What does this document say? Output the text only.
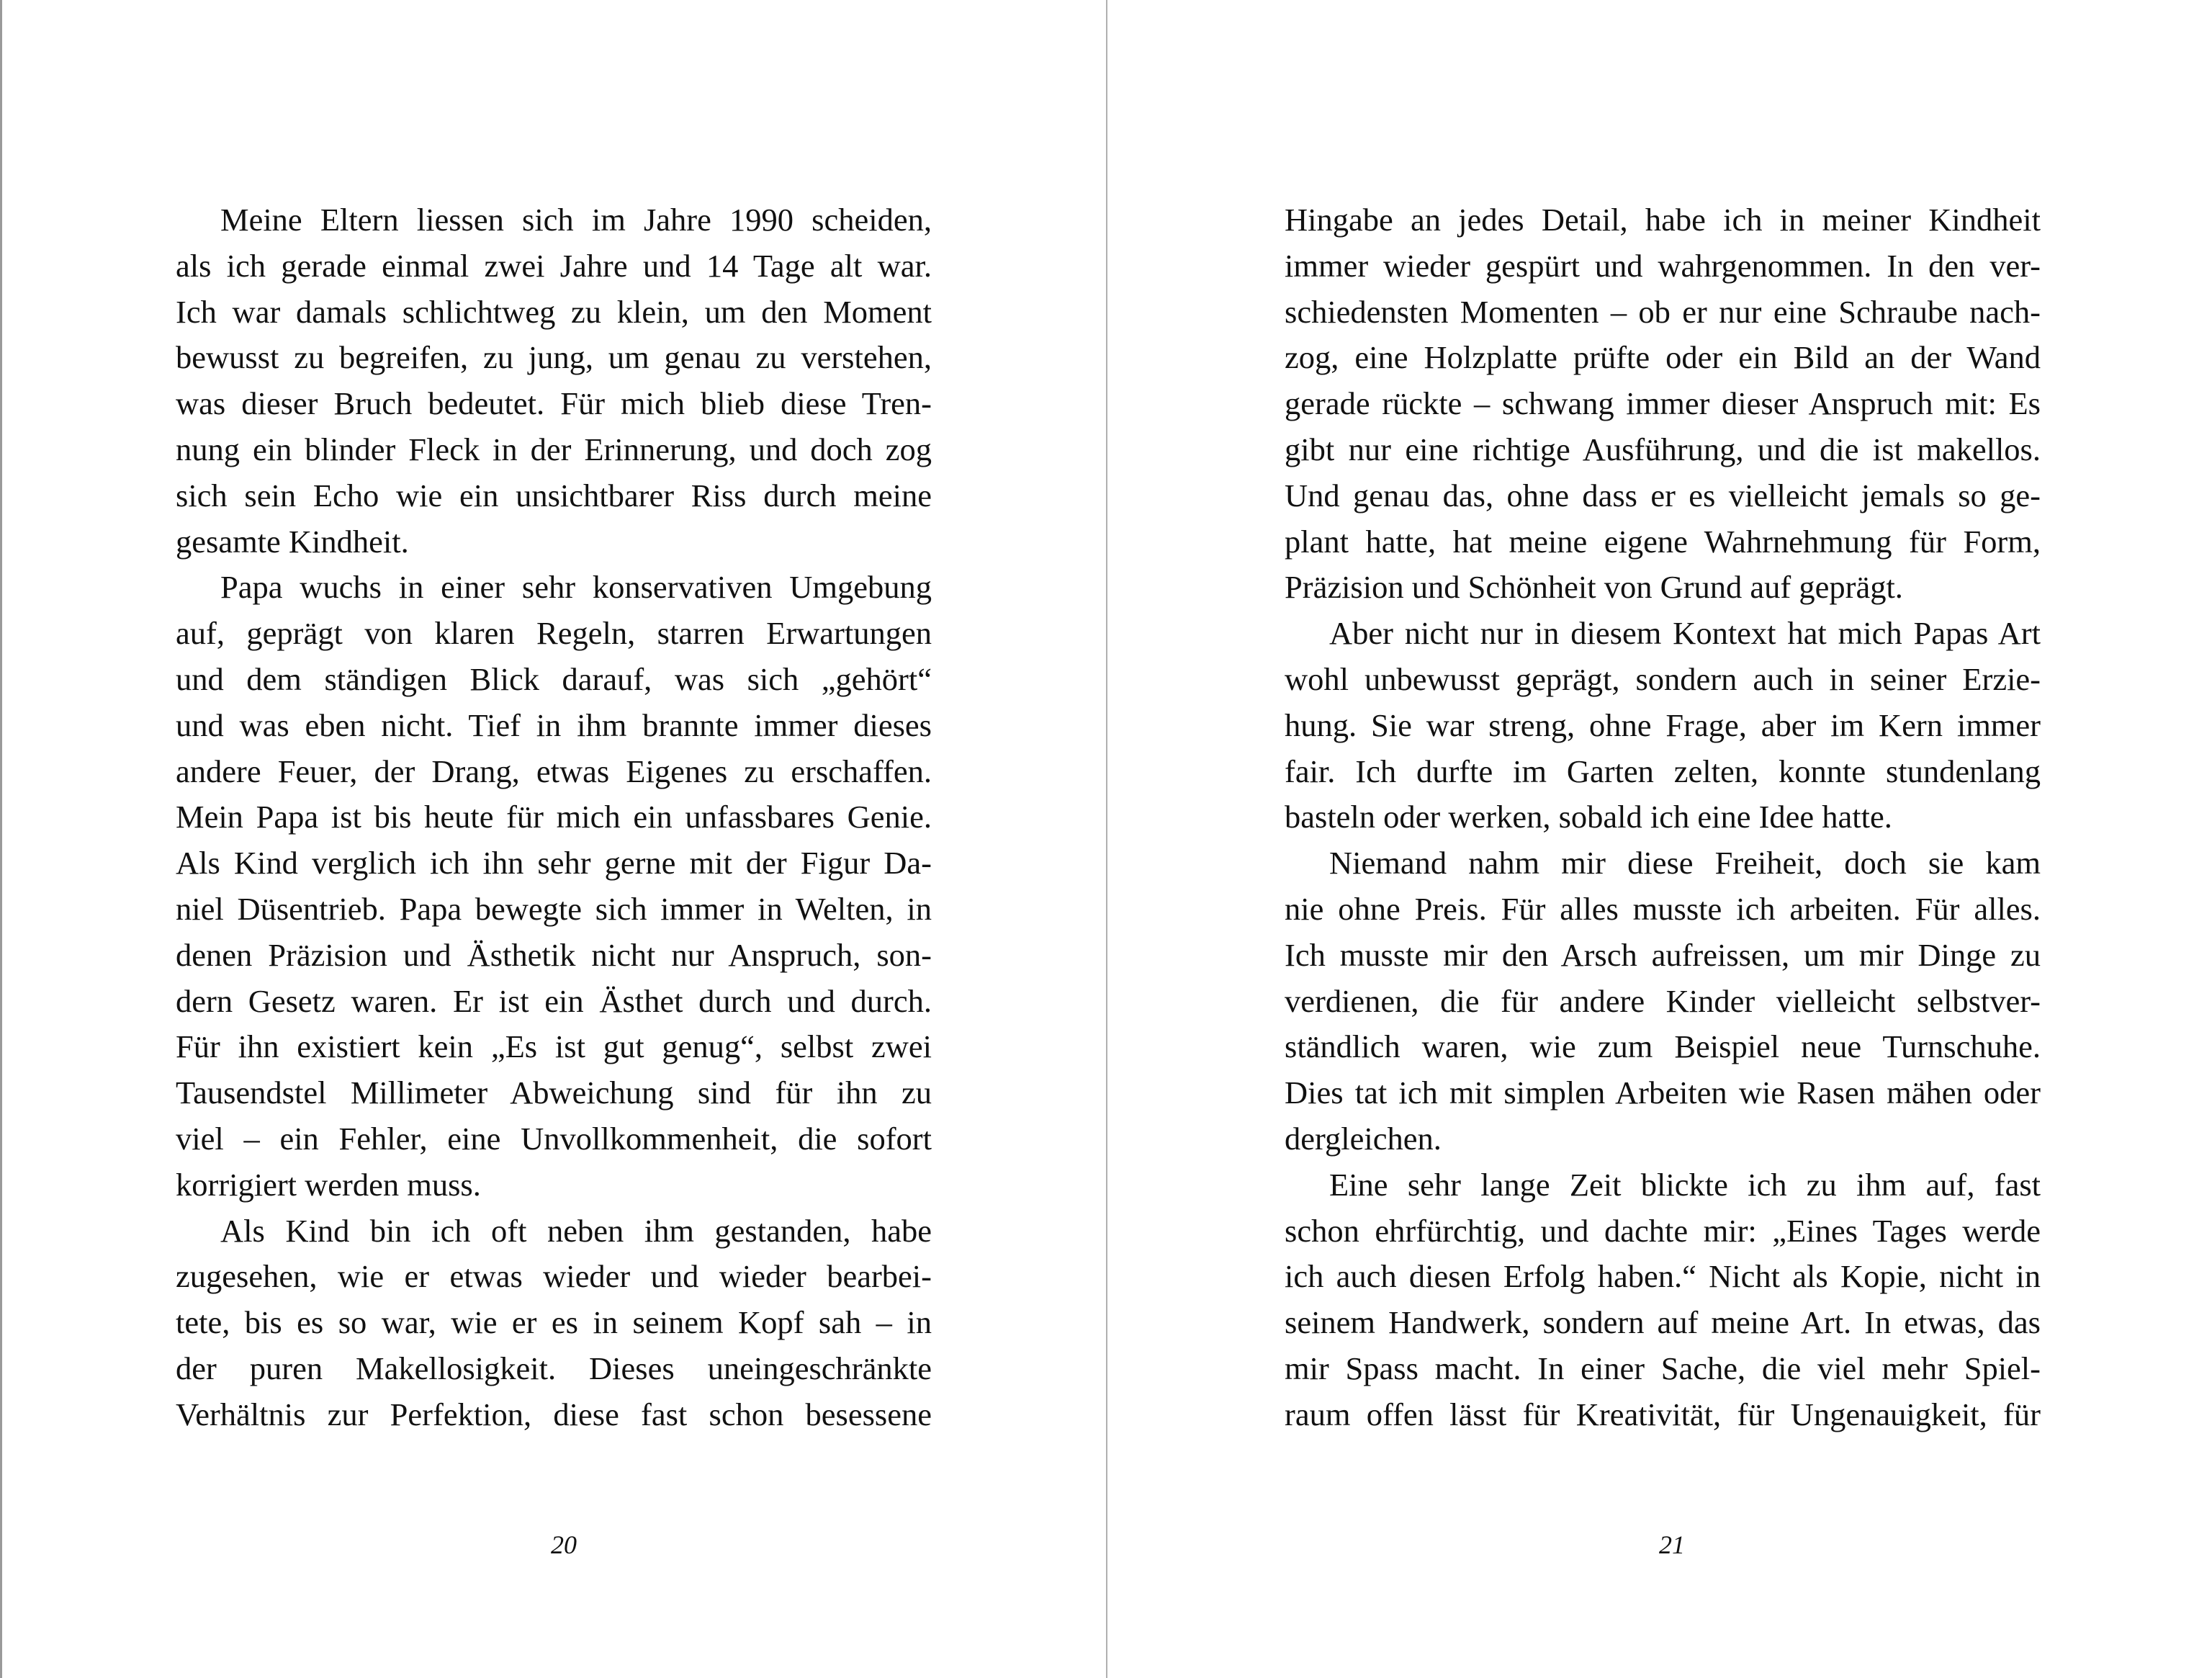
Meine Eltern liessen sich im Jahre 1990 scheiden,
als ich gerade einmal zwei Jahre und 14 Tage alt war.
Ich war damals schlichtweg zu klein, um den Moment
bewusst zu begreifen, zu jung, um genau zu verstehen,
was dieser Bruch bedeutet. Für mich blieb diese Tren-
nung ein blinder Fleck in der Erinnerung, und doch zog
sich sein Echo wie ein unsichtbarer Riss durch meine
gesamte Kindheit.
Papa wuchs in einer sehr konservativen Umgebung
auf, geprägt von klaren Regeln, starren Erwartungen
und dem ständigen Blick darauf, was sich „gehört“
und was eben nicht. Tief in ihm brannte immer dieses
andere Feuer, der Drang, etwas Eigenes zu erschaffen.
Mein Papa ist bis heute für mich ein unfassbares Genie.
Als Kind verglich ich ihn sehr gerne mit der Figur Da-
niel Düsentrieb. Papa bewegte sich immer in Welten, in
denen Präzision und Ästhetik nicht nur Anspruch, son-
dern Gesetz waren. Er ist ein Ästhet durch und durch.
Für ihn existiert kein „Es ist gut genug“, selbst zwei
Tausendstel Millimeter Abweichung sind für ihn zu
viel – ein Fehler, eine Unvollkommenheit, die sofort
korrigiert werden muss.
Als Kind bin ich oft neben ihm gestanden, habe
zugesehen, wie er etwas wieder und wieder bearbei-
tete, bis es so war, wie er es in seinem Kopf sah – in
der puren Makellosigkeit. Dieses uneingeschränkte
Verhältnis zur Perfektion, diese fast schon besessene
20
Hingabe an jedes Detail, habe ich in meiner Kindheit
immer wieder gespürt und wahrgenommen. In den ver-
schiedensten Momenten – ob er nur eine Schraube nach-
zog, eine Holzplatte prüfte oder ein Bild an der Wand
gerade rückte – schwang immer dieser Anspruch mit: Es
gibt nur eine richtige Ausführung, und die ist makellos.
Und genau das, ohne dass er es vielleicht jemals so ge-
plant hatte, hat meine eigene Wahrnehmung für Form,
Präzision und Schönheit von Grund auf geprägt.
Aber nicht nur in diesem Kontext hat mich Papas Art
wohl unbewusst geprägt, sondern auch in seiner Erzie-
hung. Sie war streng, ohne Frage, aber im Kern immer
fair. Ich durfte im Garten zelten, konnte stundenlang
basteln oder werken, sobald ich eine Idee hatte.
Niemand nahm mir diese Freiheit, doch sie kam
nie ohne Preis. Für alles musste ich arbeiten. Für alles.
Ich musste mir den Arsch aufreissen, um mir Dinge zu
verdienen, die für andere Kinder vielleicht selbstver-
ständlich waren, wie zum Beispiel neue Turnschuhe.
Dies tat ich mit simplen Arbeiten wie Rasen mähen oder
dergleichen.
Eine sehr lange Zeit blickte ich zu ihm auf, fast
schon ehrfürchtig, und dachte mir: „Eines Tages werde
ich auch diesen Erfolg haben.“ Nicht als Kopie, nicht in
seinem Handwerk, sondern auf meine Art. In etwas, das
mir Spass macht. In einer Sache, die viel mehr Spiel-
raum offen lässt für Kreativität, für Ungenauigkeit, für
21
